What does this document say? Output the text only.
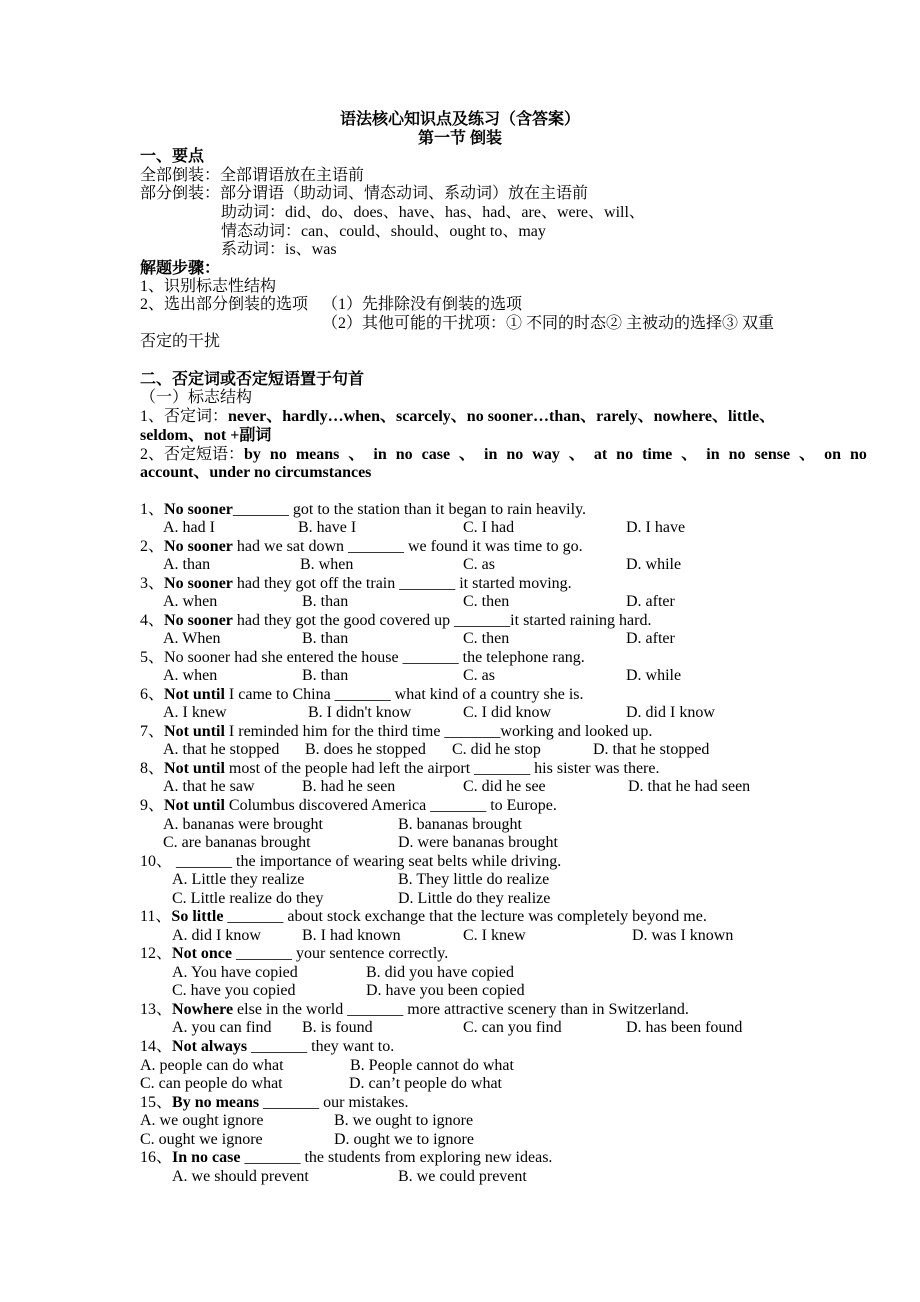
语法核心知识点及练习（含答案）
第一节 倒装
一、要点
全部倒装：全部谓语放在主语前
部分倒装：部分谓语（助动词、情态动词、系动词）放在主语前
助动词：did、do、does、have、has、had、are、were、will、
情态动词：can、could、should、ought to、may
系动词：is、was
解题步骤：
1、识别标志性结构
2、选出部分倒装的选项 （1）先排除没有倒装的选项
（2）其他可能的干扰项：① 不同的时态② 主被动的选择③ 双重
否定的干扰
二、否定词或否定短语置于句首
（一）标志结构
1、否定词：never、hardly…when、scarcely、no sooner…than、rarely、nowhere、little、
seldom、not +副词
2、否定短语：by no means 、 in no case 、 in no way 、 at no time 、 in no sense 、 on no
account、under no circumstances
1、No sooner_______ got to the station than it began to rain heavily.
A. had I	B. have I	C. I had	D. I have
2、No sooner had we sat down _______ we found it was time to go.
A. than	B. when	C. as	D. while
3、No sooner had they got off the train _______ it started moving.
A. when	B. than	C. then	D. after
4、No sooner had they got the good covered up _______it started raining hard.
A. When	B. than	C. then	D. after
5、No sooner had she entered the house _______ the telephone rang.
A. when	B. than	C. as	D. while
6、Not until I came to China _______ what kind of a country she is.
A. I knew	B. I didn't know	C. I did know	D. did I know
7、Not until I reminded him for the third time _______working and looked up.
A. that he stopped B. does he stopped C. did he stop	D. that he stopped
8、Not until most of the people had left the airport _______ his sister was there.
A. that he saw	B. had he seen	C. did he see	D. that he had seen
9、Not until Columbus discovered America _______ to Europe.
A. bananas were brought	B. bananas brought
C. are bananas brought	D. were bananas brought
10、 _______ the importance of wearing seat belts while driving.
A. Little they realize	B. They little do realize
C. Little realize do they	D. Little do they realize
11、So little _______ about stock exchange that the lecture was completely beyond me.
A. did I know	B. I had known	C. I knew	D. was I known
12、Not once _______ your sentence correctly.
A. You have copied	B. did you have copied
C. have you copied	D. have you been copied
13、Nowhere else in the world _______ more attractive scenery than in Switzerland.
A. you can find B. is found	C. can you find	D. has been found
14、Not always _______ they want to.
A. people can do what	B. People cannot do what
C. can people do what	D. can’t people do what
15、By no means _______ our mistakes.
A. we ought ignore	B. we ought to ignore
C. ought we ignore	D. ought we to ignore
16、In no case _______ the students from exploring new ideas.
A. we should prevent	B. we could prevent
